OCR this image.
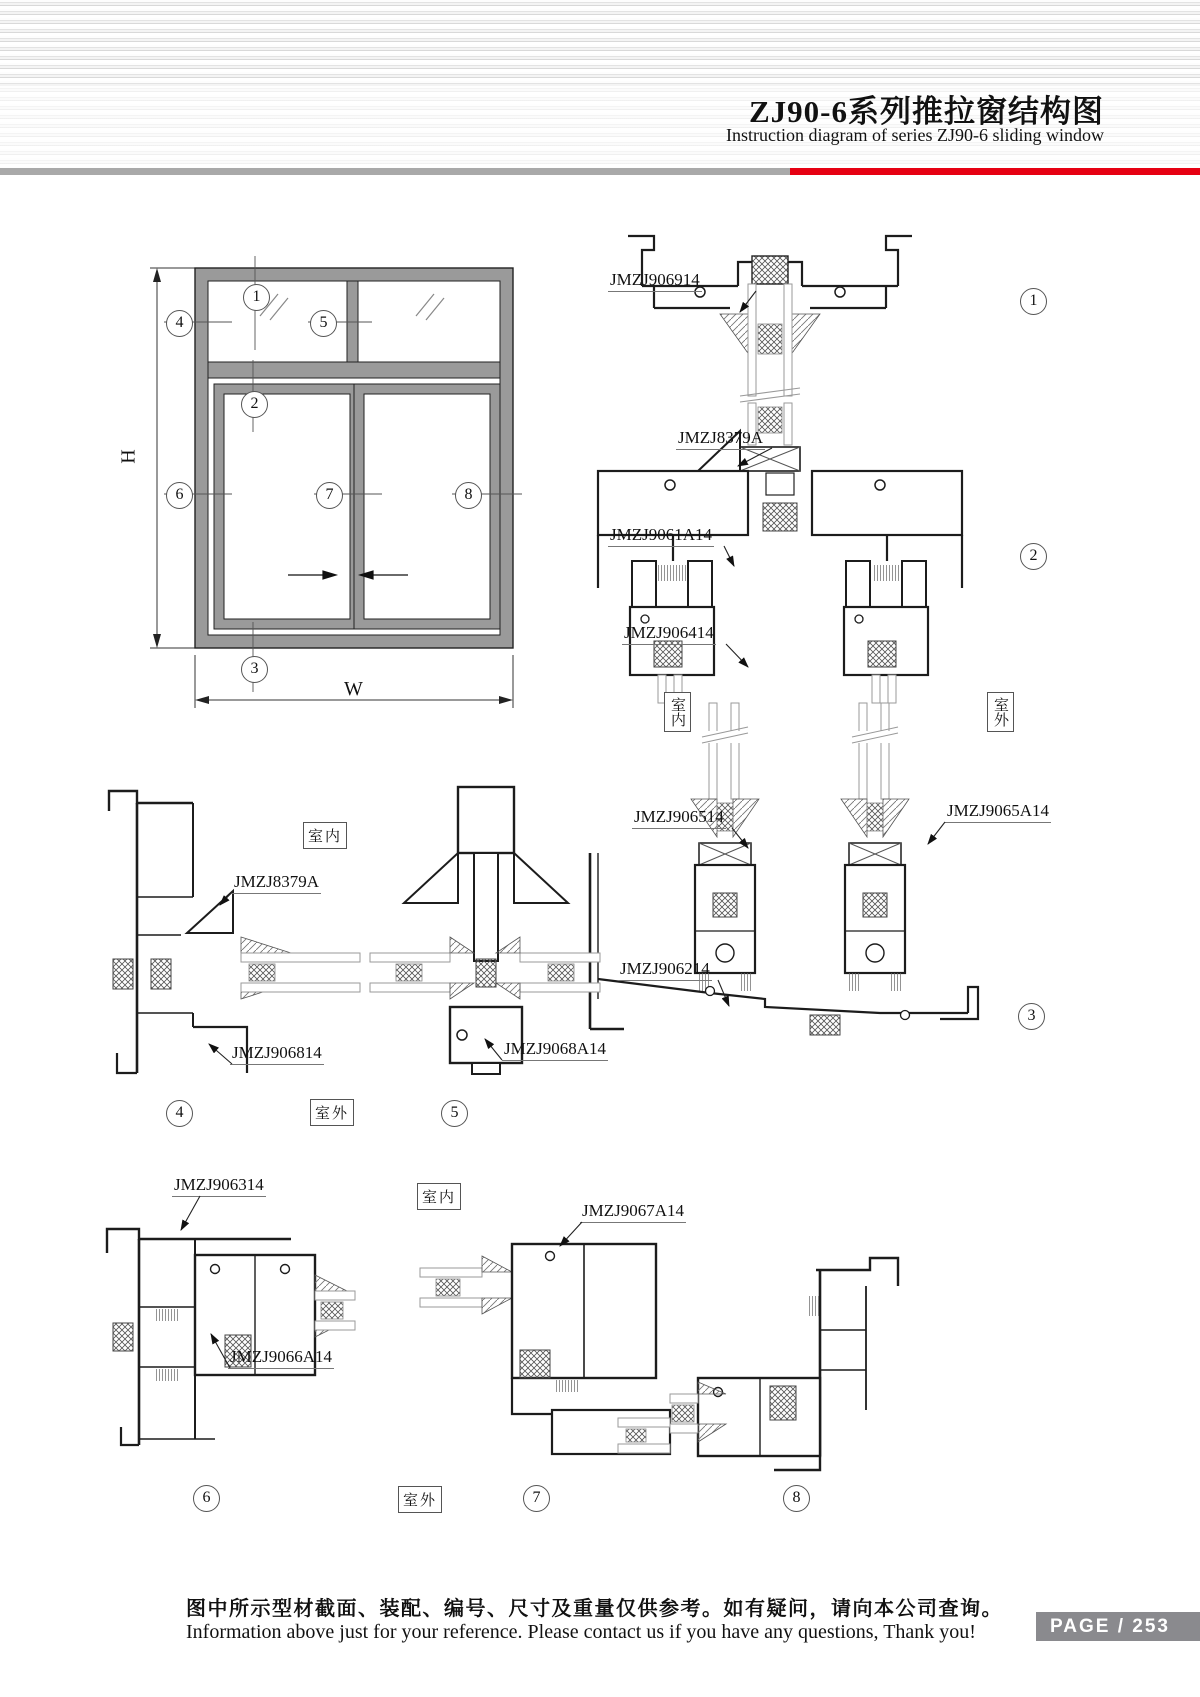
ZJ90-6系列推拉窗结构图
Instruction diagram of series ZJ90-6 sliding window
H
W
1
4	5
2
6	7	8
3
1
JMZJ906914
2
JMZJ8379A
JMZJ9061A14
JMZJ906414
室内	室外
3
JMZJ906514	JMZJ9065A14
JMZJ906214
JMZJ8379A
JMZJ906814
室内
JMZJ9068A14
4	室外	5
JMZJ906314
JMZJ9066A14
室内
JMZJ9067A14
6	室外	7	8
图中所示型材截面、装配、编号、尺寸及重量仅供参考。如有疑问，请向本公司查询。
Information above just for your reference. Please contact us if you have any questions, Thank you!	PAGE / 253
